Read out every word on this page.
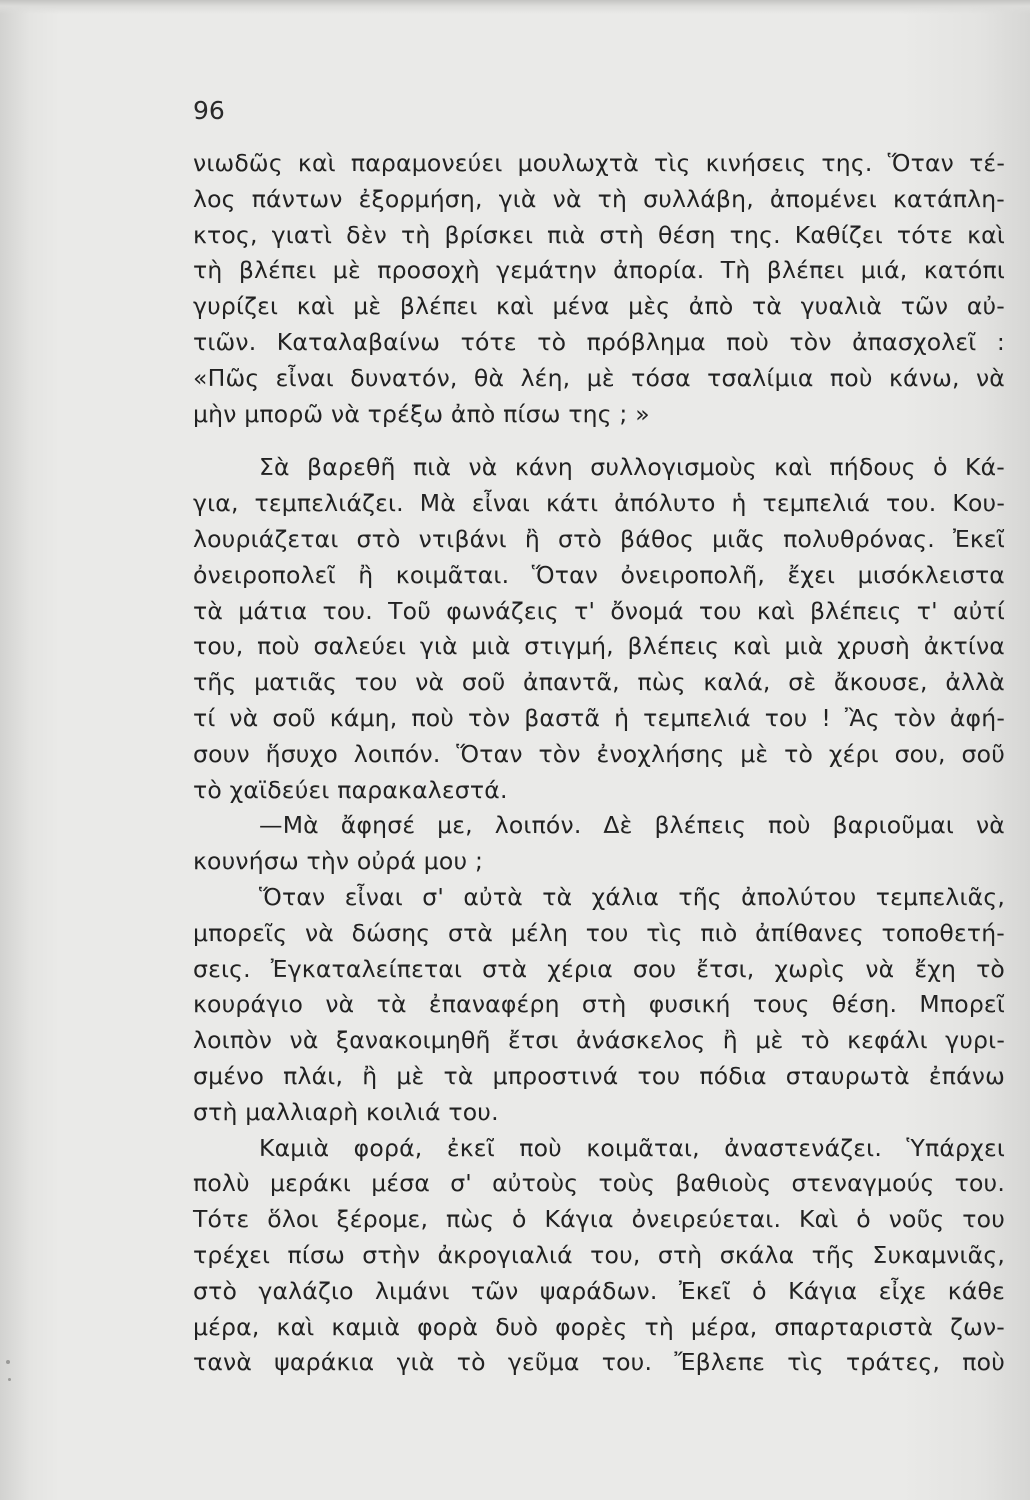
96

νιωδῶς καὶ παραμονεύει μουλωχτὰ τὶς κινήσεις της. Ὅταν τέ-
λος πάντων ἐξορμήση, γιὰ νὰ τὴ συλλάβη, ἀπομένει κατάπλη-
κτος, γιατὶ δὲν τὴ βρίσκει πιὰ στὴ θέση της. Καθίζει τότε καὶ
τὴ βλέπει μὲ προσοχὴ γεμάτην ἀπορία. Τὴ βλέπει μιά, κατόπι
γυρίζει καὶ μὲ βλέπει καὶ μένα μὲς ἀπὸ τὰ γυαλιὰ τῶν αὐ-
τιῶν. Καταλαβαίνω τότε τὸ πρόβλημα ποὺ τὸν ἀπασχολεῖ :
«Πῶς εἶναι δυνατόν, θὰ λέη, μὲ τόσα τσαλίμια ποὺ κάνω, νὰ
μὴν μπορῶ νὰ τρέξω ἀπὸ πίσω της ; »
Σὰ βαρεθῆ πιὰ νὰ κάνη συλλογισμοὺς καὶ πήδους ὁ Κά-
για, τεμπελιάζει. Μὰ εἶναι κάτι ἀπόλυτο ἡ τεμπελιά του. Κου-
λουριάζεται στὸ ντιβάνι ἢ στὸ βάθος μιᾶς πολυθρόνας. Ἐκεῖ
ὀνειροπολεῖ ἢ κοιμᾶται. Ὅταν ὀνειροπολῆ, ἔχει μισόκλειστα
τὰ μάτια του. Τοῦ φωνάζεις τ' ὄνομά του καὶ βλέπεις τ' αὐτί
του, ποὺ σαλεύει γιὰ μιὰ στιγμή, βλέπεις καὶ μιὰ χρυσὴ ἀκτίνα
τῆς ματιᾶς του νὰ σοῦ ἀπαντᾶ, πὼς καλά, σὲ ἄκουσε, ἀλλὰ
τί νὰ σοῦ κάμη, ποὺ τὸν βαστᾶ ἡ τεμπελιά του ! Ἂς τὸν ἀφή-
σουν ἥσυχο λοιπόν. Ὅταν τὸν ἐνοχλήσης μὲ τὸ χέρι σου, σοῦ
τὸ χαϊδεύει παρακαλεστά.
—Μὰ ἄφησέ με, λοιπόν. Δὲ βλέπεις ποὺ βαριοῦμαι νὰ
κουνήσω τὴν οὐρά μου ;
Ὅταν εἶναι σ' αὐτὰ τὰ χάλια τῆς ἀπολύτου τεμπελιᾶς,
μπορεῖς νὰ δώσης στὰ μέλη του τὶς πιὸ ἀπίθανες τοποθετή-
σεις. Ἐγκαταλείπεται στὰ χέρια σου ἔτσι, χωρὶς νὰ ἔχη τὸ
κουράγιο νὰ τὰ ἐπαναφέρη στὴ φυσική τους θέση. Μπορεῖ
λοιπὸν νὰ ξανακοιμηθῆ ἔτσι ἀνάσκελος ἢ μὲ τὸ κεφάλι γυρι-
σμένο πλάι, ἢ μὲ τὰ μπροστινά του πόδια σταυρωτὰ ἐπάνω
στὴ μαλλιαρὴ κοιλιά του.
Καμιὰ φορά, ἐκεῖ ποὺ κοιμᾶται, ἀναστενάζει. Ὑπάρχει
πολὺ μεράκι μέσα σ' αὐτοὺς τοὺς βαθιοὺς στεναγμούς του.
Τότε ὅλοι ξέρομε, πὼς ὁ Κάγια ὀνειρεύεται. Καὶ ὁ νοῦς του
τρέχει πίσω στὴν ἀκρογιαλιά του, στὴ σκάλα τῆς Συκαμνιᾶς,
στὸ γαλάζιο λιμάνι τῶν ψαράδων. Ἐκεῖ ὁ Κάγια εἶχε κάθε
μέρα, καὶ καμιὰ φορὰ δυὸ φορὲς τὴ μέρα, σπαρταριστὰ ζων-
τανὰ ψαράκια γιὰ τὸ γεῦμα του. Ἔβλεπε τὶς τράτες, ποὺ
